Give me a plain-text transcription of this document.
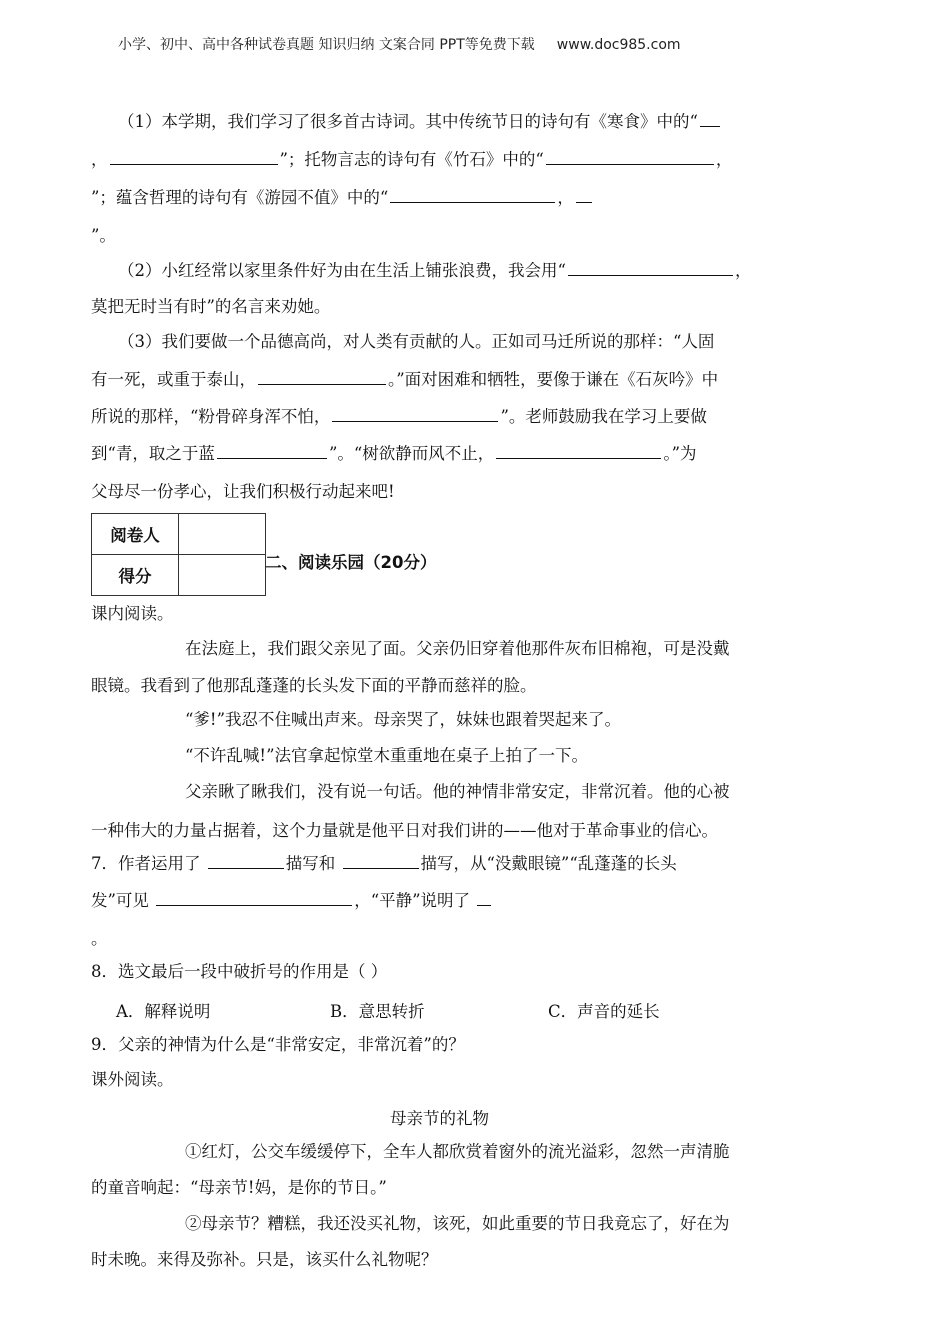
小学、初中、高中各种试卷真题 知识归纳 文案合同 PPT等免费下载 www.doc985.com
（1）本学期，我们学习了很多首古诗词。其中传统节日的诗句有《寒食》中的“
，	”；托物言志的诗句有《竹石》中的“	，
”；蕴含哲理的诗句有《游园不值》中的“	，
”。
（2）小红经常以家里条件好为由在生活上铺张浪费，我会用“	，
莫把无时当有时”的名言来劝她。
（3）我们要做一个品德高尚，对人类有贡献的人。正如司马迁所说的那样：“人固
有一死，或重于泰山，	。”面对困难和牺牲，要像于谦在《石灰吟》中
所说的那样，“粉骨碎身浑不怕，	”。老师鼓励我在学习上要做
到“青，取之于蓝	”。“树欲静而风不止，	。”为
父母尽一份孝心，让我们积极行动起来吧!
阅卷人	
得分	
二、阅读乐园（20分）
课内阅读。
在法庭上，我们跟父亲见了面。父亲仍旧穿着他那件灰布旧棉袍，可是没戴
眼镜。我看到了他那乱蓬蓬的长头发下面的平静而慈祥的脸。
“爹!”我忍不住喊出声来。母亲哭了，妹妹也跟着哭起来了。
“不许乱喊!”法官拿起惊堂木重重地在桌子上拍了一下。
父亲瞅了瞅我们，没有说一句话。他的神情非常安定，非常沉着。他的心被
一种伟大的力量占据着，这个力量就是他平日对我们讲的——他对于革命事业的信心。
7．作者运用了	描写和	描写，从“没戴眼镜”“乱蓬蓬的长头
发”可见	，“平静”说明了
。
8．选文最后一段中破折号的作用是（ ）
A．解释说明	B．意思转折	C．声音的延长
9．父亲的神情为什么是“非常安定，非常沉着”的？
课外阅读。
母亲节的礼物
①红灯，公交车缓缓停下，全车人都欣赏着窗外的流光溢彩，忽然一声清脆
的童音响起：“母亲节!妈，是你的节日。”
②母亲节？糟糕，我还没买礼物，该死，如此重要的节日我竟忘了，好在为
时未晚。来得及弥补。只是，该买什么礼物呢？
